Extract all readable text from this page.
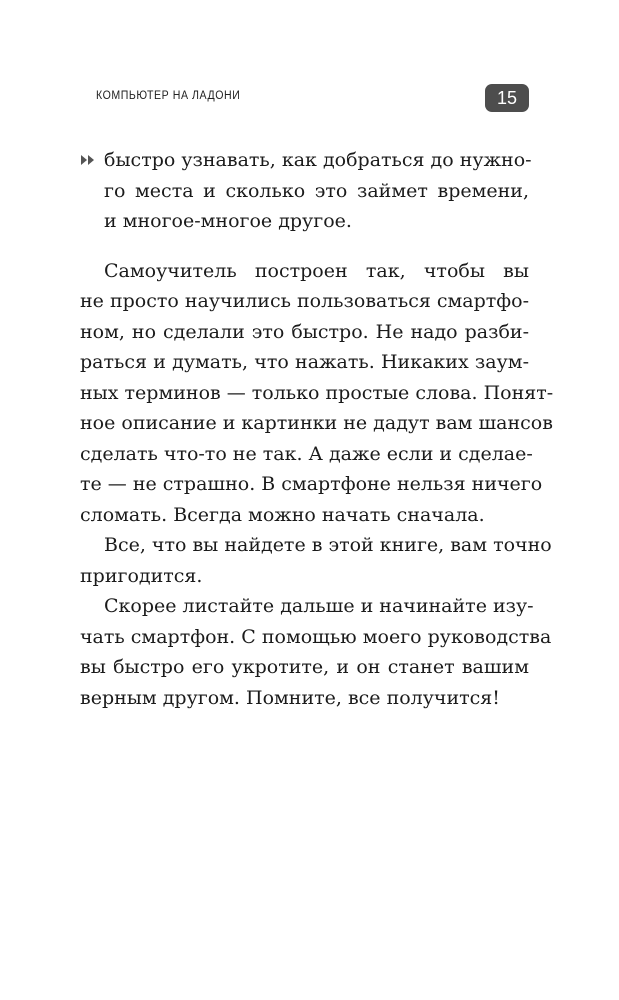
КОМПЬЮТЕР НА ЛАДОНИ	15

быстро узнавать, как добраться до нужно-
го места и сколько это займет времени,
и многое-многое другое.

Самоучитель построен так, чтобы вы
не просто научились пользоваться смартфо-
ном, но сделали это быстро. Не надо разби-
раться и думать, что нажать. Никаких заум-
ных терминов — только простые слова. Понят-
ное описание и картинки не дадут вам шансов
сделать что-то не так. А даже если и сделае-
те — не страшно. В смартфоне нельзя ничего
сломать. Всегда можно начать сначала.

Все, что вы найдете в этой книге, вам точно
пригодится.

Скорее листайте дальше и начинайте изу-
чать смартфон. С помощью моего руководства
вы быстро его укротите, и он станет вашим
верным другом. Помните, все получится!
